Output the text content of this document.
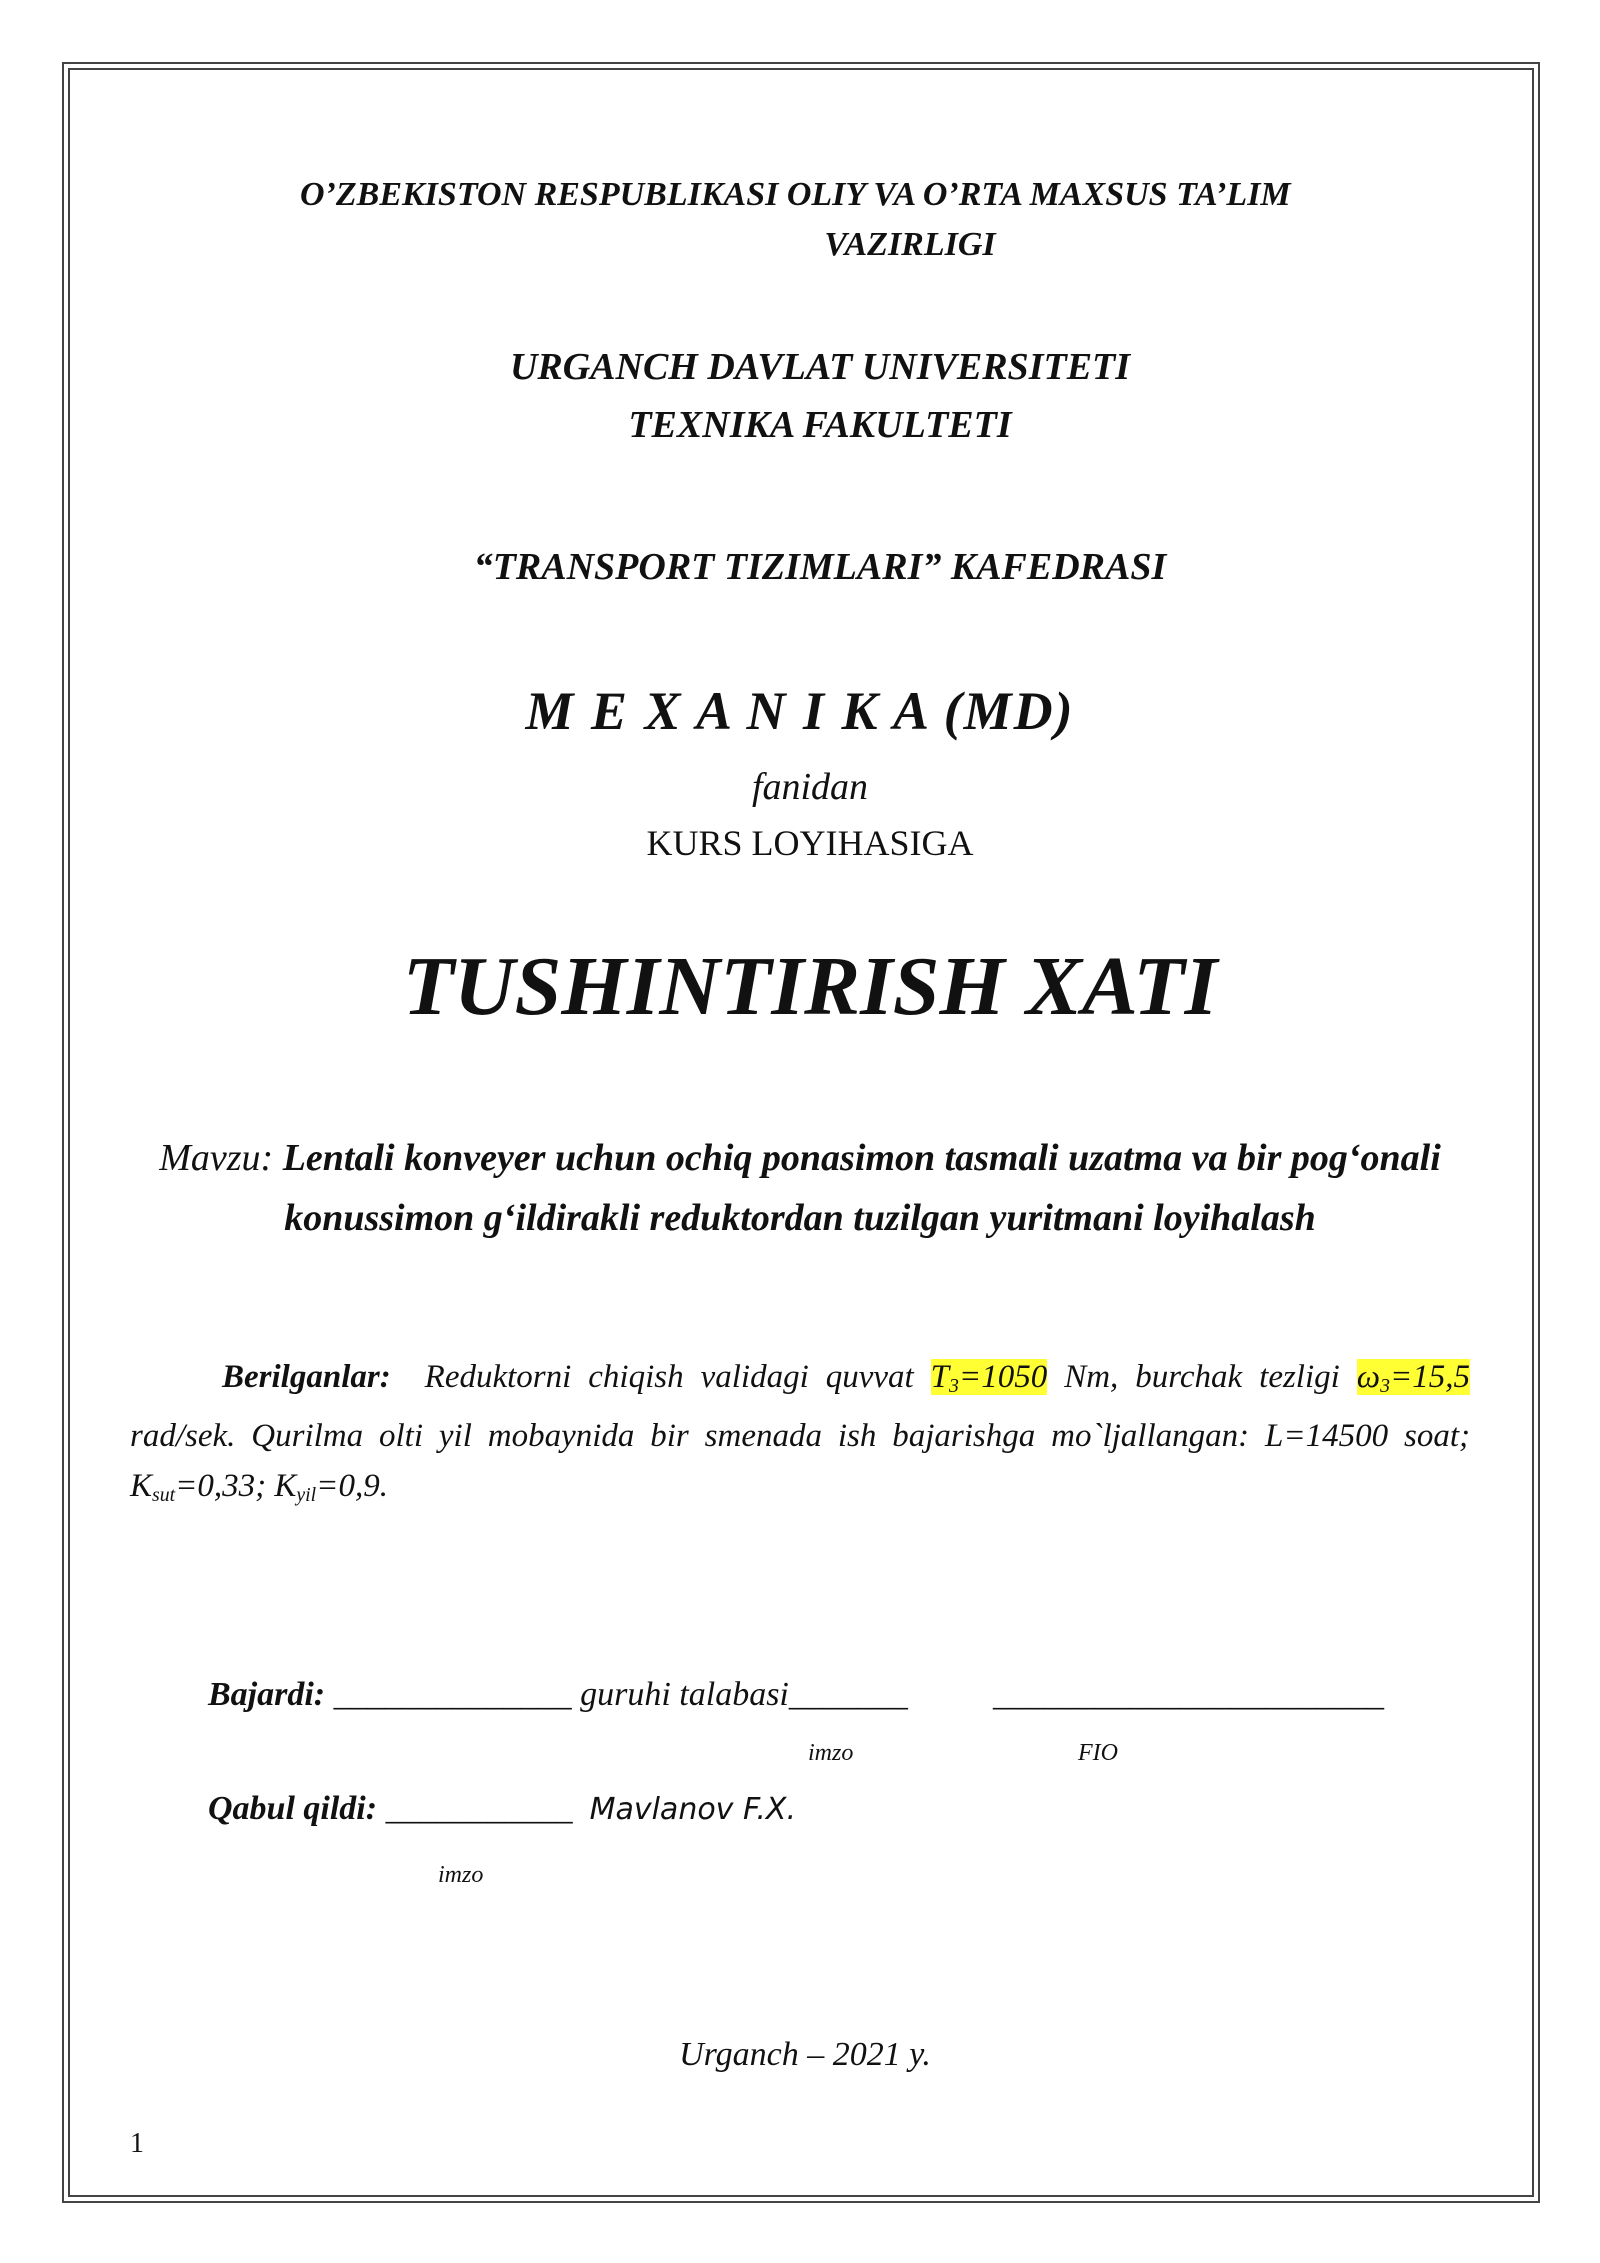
O’ZBEKISTON RESPUBLIKASI OLIY VA O’RTA MAXSUS TA’LIM
VAZIRLIGI
URGANCH DAVLAT UNIVERSITETI
TEXNIKA FAKULTETI
“TRANSPORT TIZIMLARI” KAFEDRASI
M E X A N I K A (MD)
fanidan
KURS LOYIHASIGA
TUSHINTIRISH XATI
Mavzu: Lentali konveyer uchun ochiq ponasimon tasmali uzatma va bir pog‘onali konussimon g‘ildirakli reduktordan tuzilgan yuritmani loyihalash
Berilganlar: Reduktorni chiqish validagi quvvat $T_3=1050$ Nm, burchak tezligi $\omega_3=15,5$ rad/sek. Qurilma olti yil mobaynida bir smenada ish bajarishga mo`ljallangan: L=14500 soat; $K_{sut}=0,33$; $K_{yil}=0,9$.
Bajardi: ______________ guruhi talabasi_______	_______________________
imzo	FIO
Qabul qildi: ___________ Mavlanov F.X.
imzo
Urganch – 2021 y.
1
